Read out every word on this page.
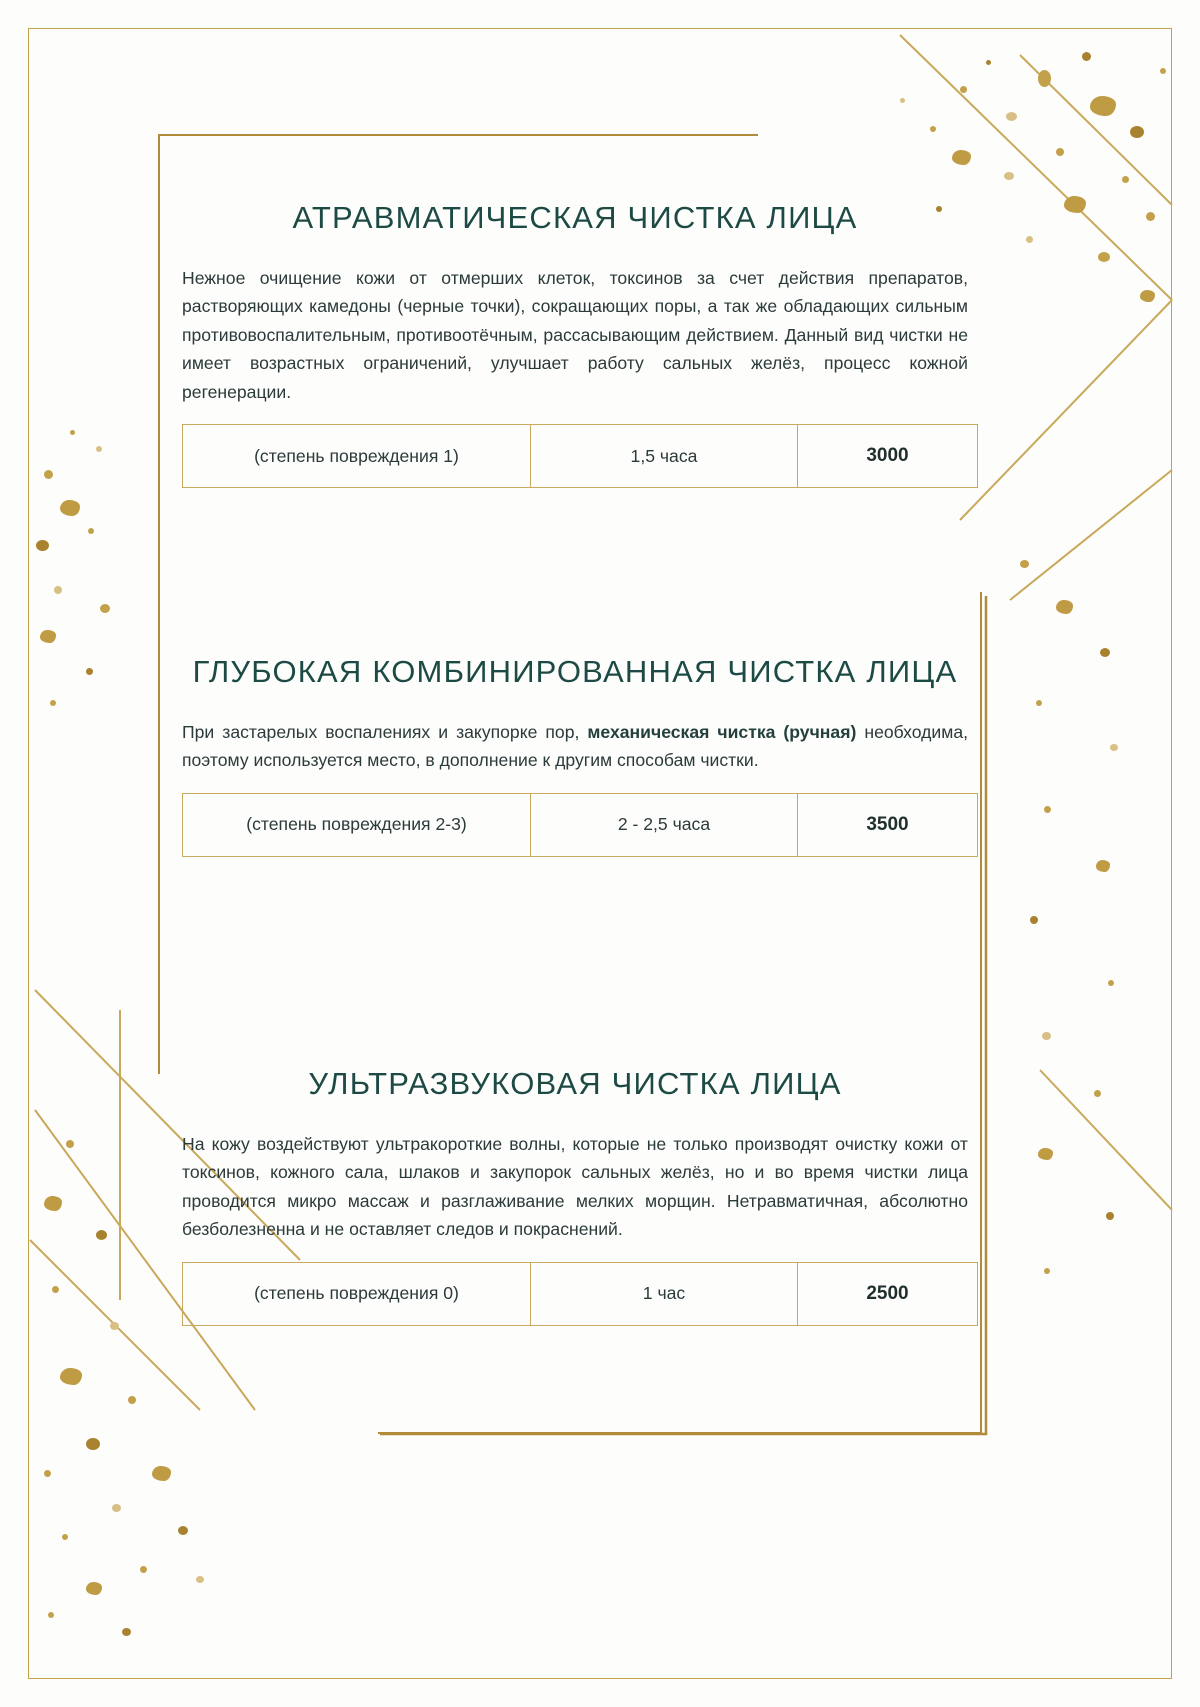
АТРАВМАТИЧЕСКАЯ ЧИСТКА ЛИЦА

Нежное очищение кожи от отмерших клеток, токсинов за счет действия препаратов, растворяющих камедоны (черные точки), сокращающих поры, а так же обладающих сильным противовоспалительным, противоотёчным, рассасывающим действием. Данный вид чистки не имеет возрастных ограничений, улучшает работу сальных желёз, процесс кожной регенерации.

(степень повреждения 1)	1,5 часа	3000
ГЛУБОКАЯ КОМБИНИРОВАННАЯ ЧИСТКА ЛИЦА

При застарелых воспалениях и закупорке пор, механическая чистка (ручная) необходима, поэтому используется место, в дополнение к другим способам чистки.

(степень повреждения 2-3)	2 - 2,5 часа	3500
УЛЬТРАЗВУКОВАЯ ЧИСТКА ЛИЦА

На кожу воздействуют ультракороткие волны, которые не только производят очистку кожи от токсинов, кожного сала, шлаков и закупорок сальных желёз, но и во время чистки лица проводится микро массаж и разглаживание мелких морщин. Нетравматичная, абсолютно безболезненна и не оставляет следов и покраснений.

(степень повреждения 0)	1 час	2500
